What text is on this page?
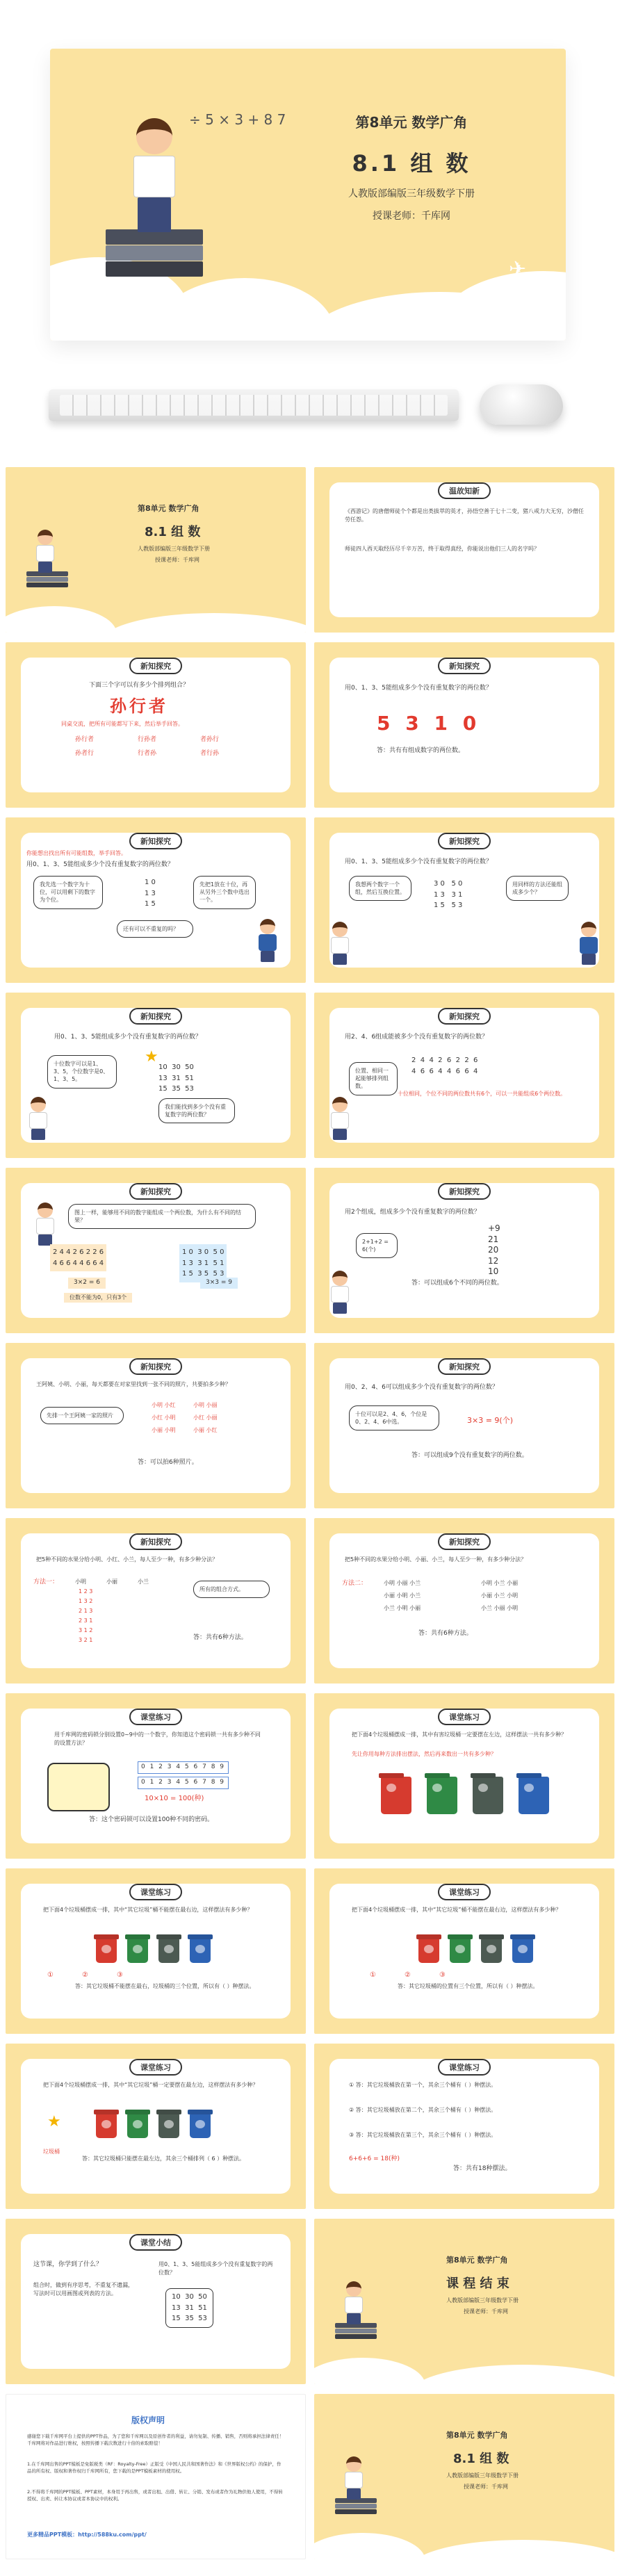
÷ 5 × 3 + 8 7	第8单元 数学广角
8.1 组 数
人教版部编版三年级数学下册
授课老师：千库网
✈
第8单元 数学广角
8.1 组 数
人教版部编版三年级数学下册
授课老师：千库网
温故知新
《西游记》的唐僧师徒个个都是出类拔萃的英才，孙悟空善于七十二变，猪八戒力大无穷，沙僧任劳任怨。
师徒四人西天取经历尽千辛万苦，终于取得真经，你能说出他们三人的名字吗？
新知探究
下面三个字可以有多少个排列组合？
孙行者
同桌交流，把所有可能都写下来，然后举手回答。
孙行者	行孙者	者孙行
孙者行	行者孙	者行孙
新知探究
用0、1、3、5能组成多少个没有重复数字的两位数？
5 3 1 0
答：共有有组成数字的两位数。
新知探究
你能想出找出所有可能组数，举手回答。
用0、1、3、5能组成多少个没有重复数字的两位数？
我先选一个数字为十位，可以用剩下的数字为个位。
1 0
1 3
1 5
先把1放在十位，再从另外三个数中选出一个。
还有可以不重复的吗？
新知探究
用0、1、3、5能组成多少个没有重复数字的两位数？
我想两个数字一个组，然后互换位置。
3 0   5 0
1 3   3 1
1 5   5 3
用同样的方法还能组成多少个？
新知探究
用0、1、3、5能组成多少个没有重复数字的两位数？
十位数字可以是1、3、5，个位数字是0、1、3、5。
★
10  30  50
13  31  51
15  35  53
我们能找到多少个没有重复数字的两位数？
新知探究
用2、4、6组成能被多少个没有重复数字的两位数？
位置、相同一起能够排列组数。
2  4  4  2  6  2  2  6
4  6  6  4  4  6  6  4
十位相同，个位不同的两位数共有6个，可以一共能组成6个两位数。
新知探究
图上一样，能够用不同的数字能组成一个两位数，为什么有不同的结果？
2 4 4 2 6 2 2 6
4 6 6 4 4 6 6 4
1 0  3 0  5 0
1 3  3 1  5 1
1 5  3 5  5 3
3×2 = 6	3×3 = 9
位数不能为0，只有3个
新知探究
用2个组成，组成多少个没有重复数字的两位数？
2+1+2 = 6(个)
+9
21
20
12
10
答：可以组成6个不同的两位数。
新知探究
王阿姨、小明、小丽，每天都要在对家里找到一张不同的照片，共要拍多少种？
先排一个王阿姨一家的照片
小明 小红	小明 小丽
小红 小明	小红 小丽
小丽 小明	小丽 小红
答：可以拍6种照片。
新知探究
用0、2、4、6可以组成多少个没有重复数字的两位数？
十位可以是2、4、6，个位是0、2、4、6中选。	3×3 = 9(个)
答：可以组成9个没有重复数字的两位数。
新知探究
把5种不同的水果分给小明、小红、小兰，每人至少一种，有多少种分法？
方法一：	小明	小丽	小兰
1 2 3
1 3 2
2 1 3
2 3 1
3 1 2
3 2 1
所有的组合方式。
答：共有6种方法。
新知探究
把5种不同的水果分给小明、小丽、小兰，每人至少一种，有多少种分法？
方法二：	小明 小丽 小兰	小明 小兰 小丽
小丽 小明 小兰	小丽 小兰 小明
小兰 小明 小丽	小兰 小丽 小明
答：共有6种方法。
课堂练习
用千库网的密码锁分别设置0~9中的一个数字，你知道这个密码锁一共有多少种不同的设置方法？
0 1 2 3 4 5 6 7 8 9
0 1 2 3 4 5 6 7 8 9
10×10 = 100(种)
答：这个密码锁可以设置100种不同的密码。
课堂练习
把下面4个垃圾桶摆成一排，其中有害垃圾桶一定要摆在左边，这样摆法一共有多少种？
先让你用每种方法排出摆法，然后再来数出一共有多少种？
课堂练习
把下面4个垃圾桶摆成一排，其中“其它垃圾”桶不能摆在最右边，这样摆法有多少种？
①	②	③
答：其它垃圾桶不能摆在最右，垃圾桶的三个位置，所以有（ ）种摆法。
课堂练习
把下面4个垃圾桶摆成一排，其中“其它垃圾”桶不能摆在最右边，这样摆法有多少种？
①	②	③
答：其它垃圾桶的位置有三个位置，所以有（ ）种摆法。
课堂练习
把下面4个垃圾桶摆成一排，其中“其它垃圾”桶一定要摆在最左边，这样摆法有多少种？
★
垃圾桶
答：其它垃圾桶只能摆在最左边，其余三个桶排列（ 6 ）种摆法。
课堂练习
① 答：其它垃圾桶放在第一个，其余三个桶有（ ）种摆法。
② 答：其它垃圾桶放在第二个，其余三个桶有（ ）种摆法。
③ 答：其它垃圾桶放在第三个，其余三个桶有（ ）种摆法。
6+6+6 = 18(种)
答：共有18种摆法。
课堂小结
这节课，你学到了什么？
组合时，做到有序思考，不重复不遗漏，写法时可以用画图或列表的方法。
用0、1、3、5能组成多少个没有重复数字的两位数？
10  30  50
13  31  51
15  35  53
第8单元 数学广角
课 程 结 束
人教版部编版三年级数学下册
授课老师：千库网
版权声明
感谢您下载千库网平台上提供的PPT作品，为了您和千库网以及原创作者的利益，请勿复制、传播、销售，否则将承担法律责任！千库网将对作品进行维权，按照传播下载次数进行十倍的索取赔偿！
1.在千库网出售的PPT模板是免版税类（RF：Royalty-Free）正版受《中国人民共和国著作法》和《世界版权公约》的保护，作品的所有权、版权和著作权归千库网所有，您下载的是PPT模板素材的使用权。
2.不得将千库网的PPT模板、PPT素材，本身用于再出售，或者出租、出借、转让、分销、发布或者作为礼物供他人使用，不得转授权、出卖、转让本协议或者本协议中的权利。
更多精品PPT模板：http://588ku.com/ppt/
第8单元 数学广角
8.1 组 数
人教版部编版三年级数学下册
授课老师：千库网
